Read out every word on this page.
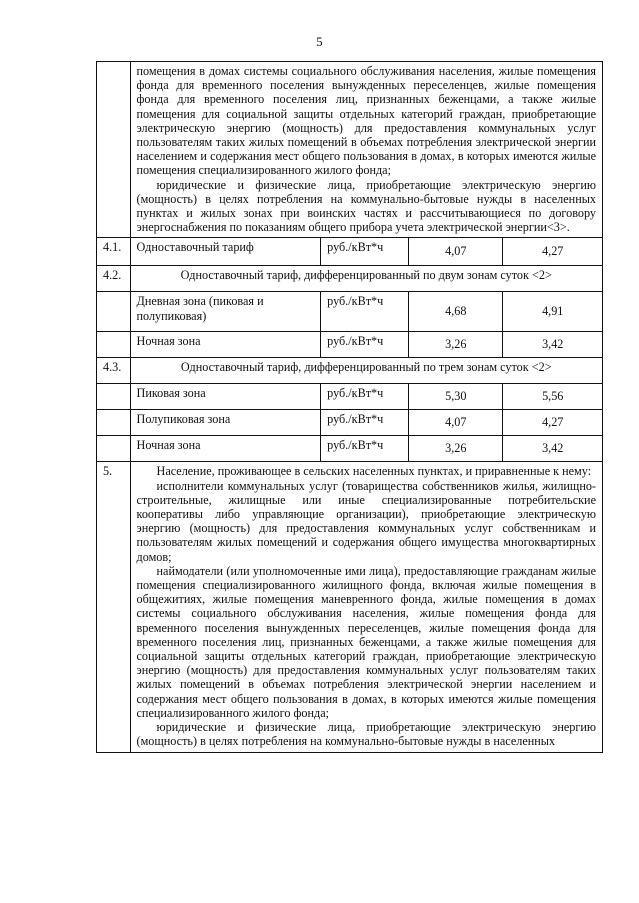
5

	помещения в домах системы социального обслуживания населения, жилые помещения фонда для временного поселения вынужденных переселенцев, жилые помещения фонда для временного поселения лиц, признанных беженцами, а также жилые помещения для социальной защиты отдельных категорий граждан, приобретающие электрическую энергию (мощность) для предоставления коммунальных услуг пользователям таких жилых помещений в объемах потребления электрической энергии населением и содержания мест общего пользования в домах, в которых имеются жилые помещения специализированного жилого фонда;
юридические и физические лица, приобретающие электрическую энергию (мощность) в целях потребления на коммунально-бытовые нужды в населенных пунктах и жилых зонах при воинских частях и рассчитывающиеся по договору энергоснабжения по показаниям общего прибора учета электрической энергии<3>.			

4.1.	Одноставочный тариф	руб./кВт*ч	4,07	4,27
4.2.	Одноставочный тариф, дифференцированный по двум зонам суток <2>			
	Дневная зона (пиковая и полупиковая)	руб./кВт*ч	4,68	4,91
	Ночная зона	руб./кВт*ч	3,26	3,42
4.3.	Одноставочный тариф, дифференцированный по трем зонам суток <2>			
	Пиковая зона	руб./кВт*ч	5,30	5,56
	Полупиковая зона	руб./кВт*ч	4,07	4,27
	Ночная зона	руб./кВт*ч	3,26	3,42
5.	Население, проживающее в сельских населенных пунктах, и приравненные к нему:
исполнители коммунальных услуг (товарищества собственников жилья, жилищно-строительные, жилищные или иные специализированные потребительские кооперативы либо управляющие организации), приобретающие электрическую энергию (мощность) для предоставления коммунальных услуг собственникам и пользователям жилых помещений и содержания общего имущества многоквартирных домов;
наймодатели (или уполномоченные ими лица), предоставляющие гражданам жилые помещения специализированного жилищного фонда, включая жилые помещения в общежитиях, жилые помещения маневренного фонда, жилые помещения в домах системы социального обслуживания населения, жилые помещения фонда для временного поселения вынужденных переселенцев, жилые помещения фонда для временного поселения лиц, признанных беженцами, а также жилые помещения для социальной защиты отдельных категорий граждан, приобретающие электрическую энергию (мощность) для предоставления коммунальных услуг пользователям таких жилых помещений в объемах потребления электрической энергии населением и содержания мест общего пользования в домах, в которых имеются жилые помещения специализированного жилого фонда;
юридические и физические лица, приобретающие электрическую энергию (мощность) в целях потребления на коммунально-бытовые нужды в населенных			
